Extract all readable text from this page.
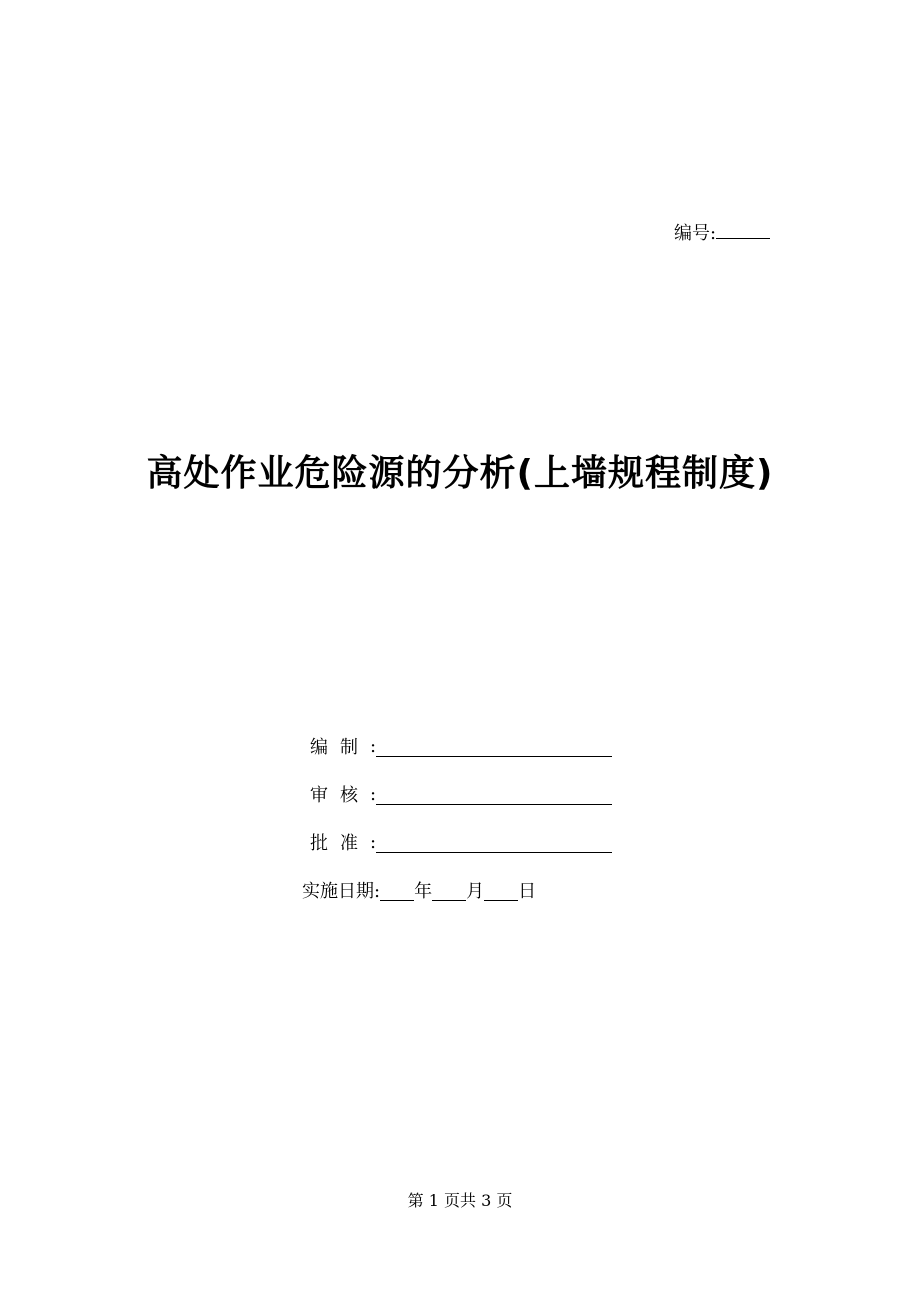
编号:
高处作业危险源的分析(上墙规程制度)
编 制 :
审 核 :
批 准 :
实施日期: 年 月 日
第 1 页共 3 页
